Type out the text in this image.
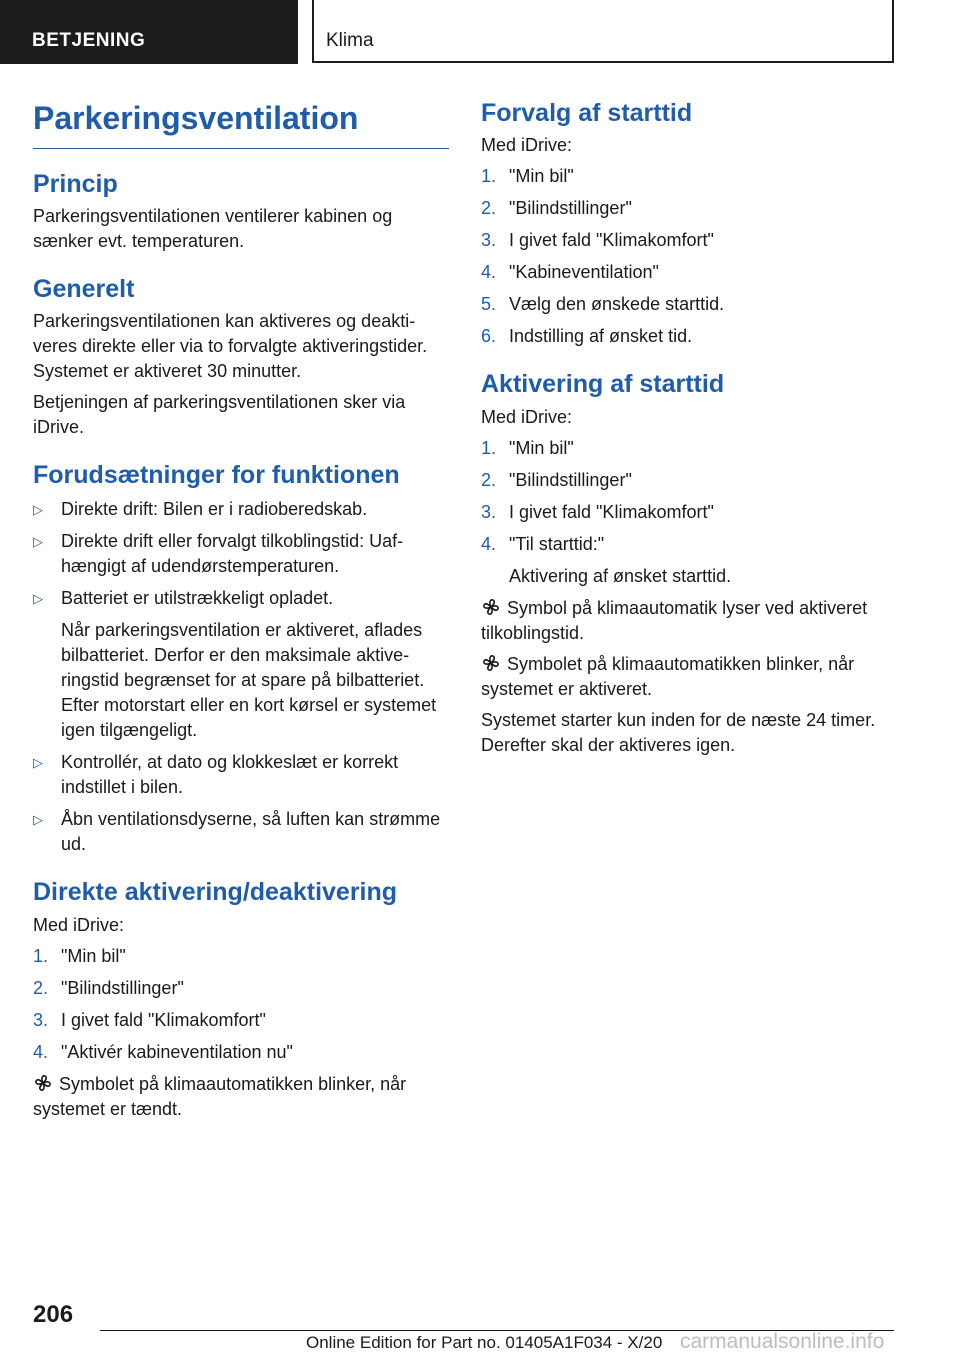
BETJENING	Klima
Parkeringsventilation
Princip

Parkeringsventilationen ventilerer kabinen og sænker evt. temperaturen.

Generelt

Parkeringsventilationen kan aktiveres og deaktiveres direkte eller via to forvalgte aktiveringstider. Systemet er aktiveret 30 minutter.

Betjeningen af parkeringsventilationen sker via iDrive.

Forudsætninger for funktionen
▷ Direkte drift: Bilen er i radioberedskab.
▷ Direkte drift eller forvalgt tilkoblingstid: Uafhængigt af udendørstemperaturen.
▷ Batteriet er utilstrækkeligt opladet.
Når parkeringsventilation er aktiveret, aflades bilbatteriet. Derfor er den maksimale aktiveringstid begrænset for at spare på bilbatteriet. Efter motorstart eller en kort kørsel er systemet igen tilgængeligt.
▷ Kontrollér, at dato og klokkeslæt er korrekt indstillet i bilen.
▷ Åbn ventilationsdyserne, så luften kan strømme ud.
Direkte aktivering/deaktivering

Med iDrive:

1. "Min bil"
2. "Bilindstillinger"
3. I givet fald "Klimakomfort"
4. "Aktivér kabineventilation nu"

Symbolet på klimaautomatikken blinker, når systemet er tændt.

Forvalg af starttid

Med iDrive:

1. "Min bil"
2. "Bilindstillinger"
3. I givet fald "Klimakomfort"
4. "Kabineventilation"
5. Vælg den ønskede starttid.
6. Indstilling af ønsket tid.
Aktivering af starttid

Med iDrive:

1. "Min bil"
2. "Bilindstillinger"
3. I givet fald "Klimakomfort"
4. "Til starttid:"
Aktivering af ønsket starttid.

Symbol på klimaautomatik lyser ved aktiveret tilkoblingstid.

Symbolet på klimaautomatikken blinker, når systemet er aktiveret.

Systemet starter kun inden for de næste 24 timer. Derefter skal der aktiveres igen.

206
Online Edition for Part no. 01405A1F034 - X/20 carmanualsonline.info
